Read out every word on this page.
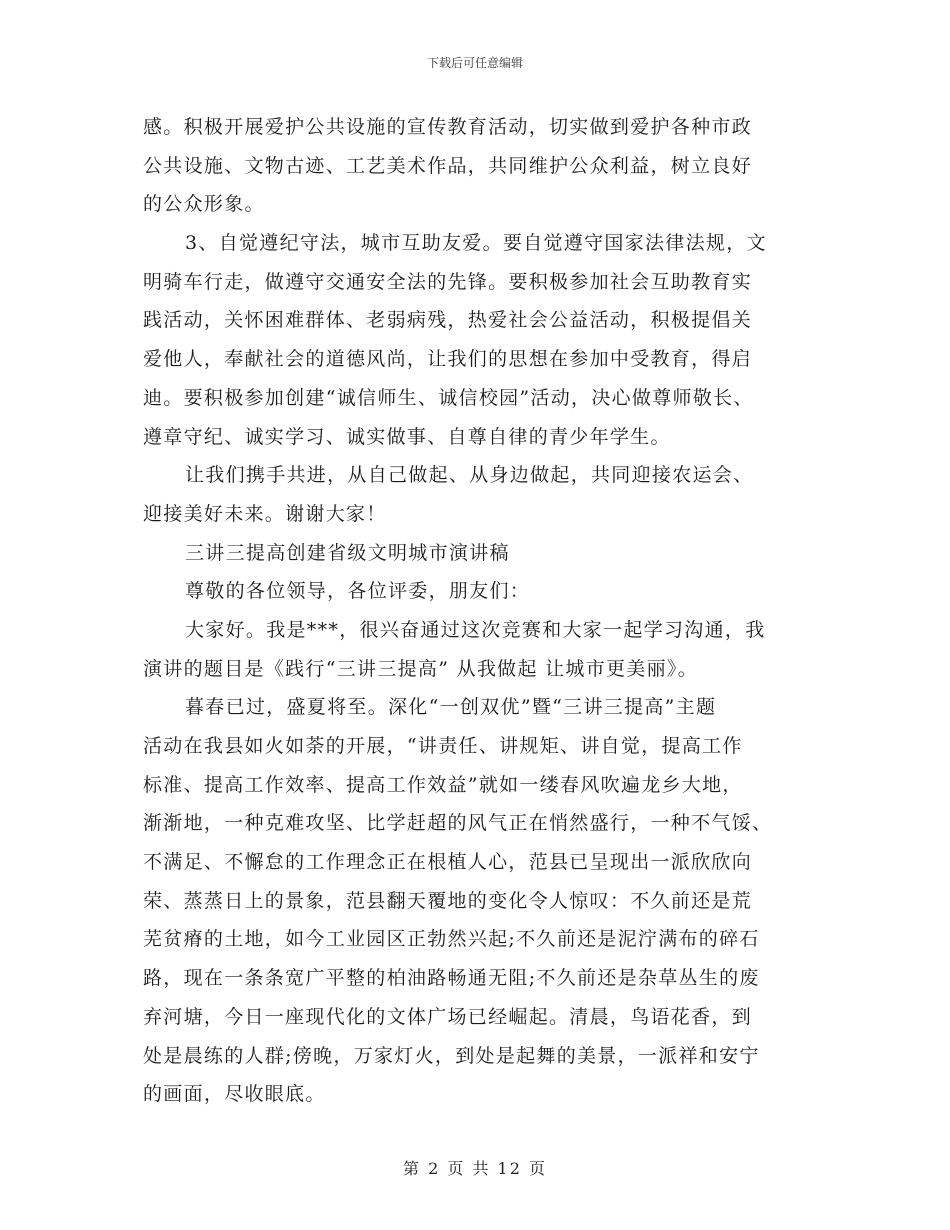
下载后可任意编辑
感。积极开展爱护公共设施的宣传教育活动，切实做到爱护各种市政
公共设施、文物古迹、工艺美术作品，共同维护公众利益，树立良好
的公众形象。
3、自觉遵纪守法，城市互助友爱。要自觉遵守国家法律法规，文
明骑车行走，做遵守交通安全法的先锋。要积极参加社会互助教育实
践活动，关怀困难群体、老弱病残，热爱社会公益活动，积极提倡关
爱他人，奉献社会的道德风尚，让我们的思想在参加中受教育，得启
迪。要积极参加创建“诚信师生、诚信校园”活动，决心做尊师敬长、
遵章守纪、诚实学习、诚实做事、自尊自律的青少年学生。
让我们携手共进，从自己做起、从身边做起，共同迎接农运会、
迎接美好未来。谢谢大家！
三讲三提高创建省级文明城市演讲稿
尊敬的各位领导，各位评委，朋友们：
大家好。我是***，很兴奋通过这次竞赛和大家一起学习沟通，我
演讲的题目是《践行“三讲三提高” 从我做起 让城市更美丽》。
暮春已过，盛夏将至。深化“一创双优”暨“三讲三提高”主题
活动在我县如火如荼的开展，“讲责任、讲规矩、讲自觉，提高工作
标准、提高工作效率、提高工作效益”就如一缕春风吹遍龙乡大地，
渐渐地，一种克难攻坚、比学赶超的风气正在悄然盛行，一种不气馁、
不满足、不懈怠的工作理念正在根植人心，范县已呈现出一派欣欣向
荣、蒸蒸日上的景象，范县翻天覆地的变化令人惊叹：不久前还是荒
芜贫瘠的土地，如今工业园区正勃然兴起;不久前还是泥泞满布的碎石
路，现在一条条宽广平整的柏油路畅通无阻;不久前还是杂草丛生的废
弃河塘，今日一座现代化的文体广场已经崛起。清晨，鸟语花香，到
处是晨练的人群;傍晚，万家灯火，到处是起舞的美景，一派祥和安宁
的画面，尽收眼底。
第 2 页 共 12 页
